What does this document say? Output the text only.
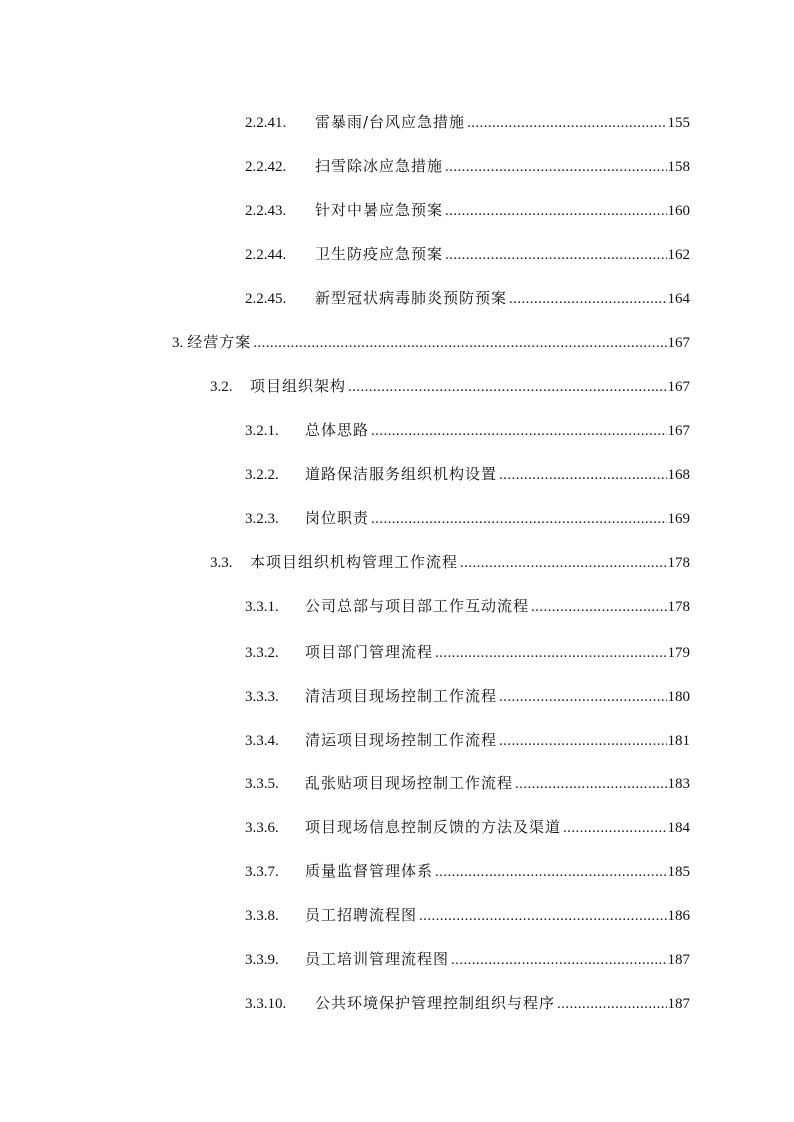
2.2.41.	雷暴雨/台风应急措施 .....	155
2.2.42.	扫雪除冰应急措施 .....	158
2.2.43.	针对中暑应急预案 .....	160
2.2.44.	卫生防疫应急预案 .....	162
2.2.45.	新型冠状病毒肺炎预防预案 .....	164
3. 经营方案 .....	167
3.2.	项目组织架构 .....	167
3.2.1.	总体思路 .....	167
3.2.2.	道路保洁服务组织机构设置 .....	168
3.2.3.	岗位职责 .....	169
3.3.	本项目组织机构管理工作流程 .....	178
3.3.1.	公司总部与项目部工作互动流程 .....	178
3.3.2.	项目部门管理流程 .....	179
3.3.3.	清洁项目现场控制工作流程 .....	180
3.3.4.	清运项目现场控制工作流程 .....	181
3.3.5.	乱张贴项目现场控制工作流程 .....	183
3.3.6.	项目现场信息控制反馈的方法及渠道 .....	184
3.3.7.	质量监督管理体系 .....	185
3.3.8.	员工招聘流程图 .....	186
3.3.9.	员工培训管理流程图 .....	187
3.3.10.	公共环境保护管理控制组织与程序 .....	187
